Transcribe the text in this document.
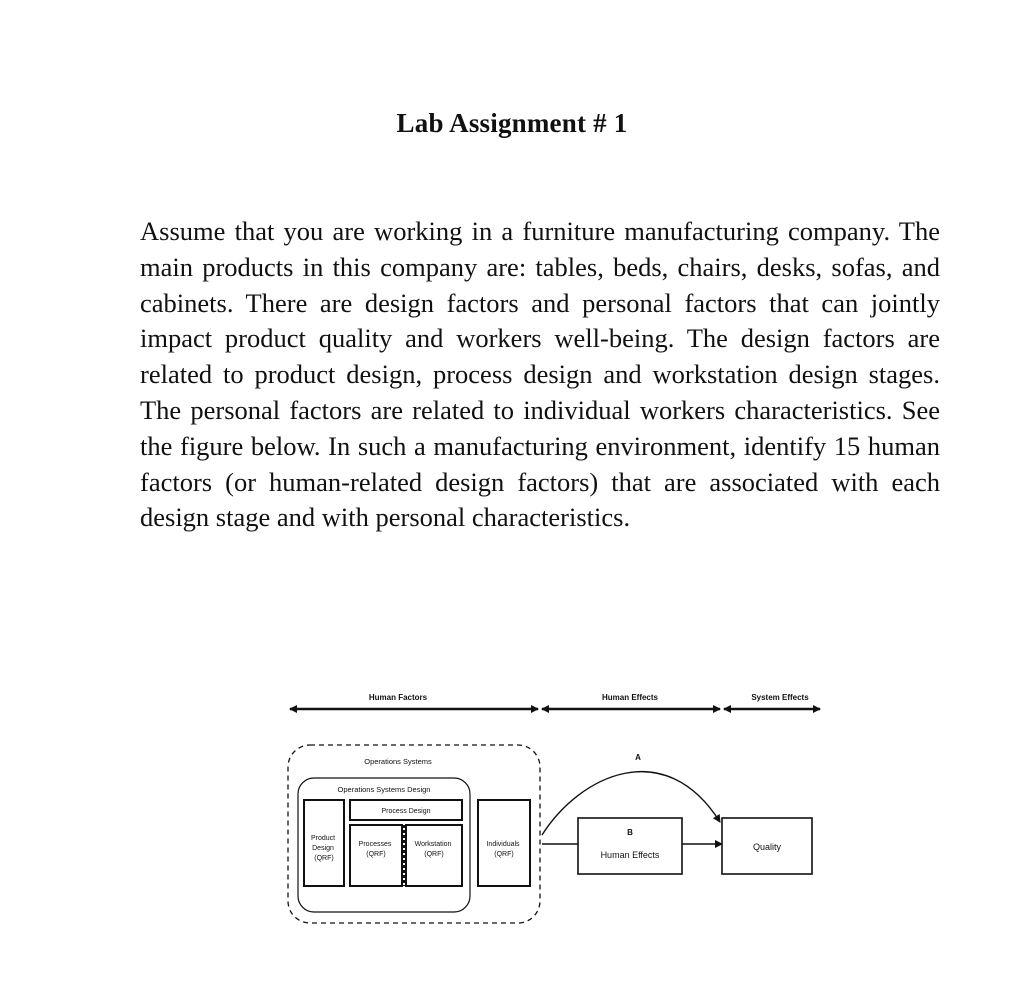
Lab Assignment # 1
Assume that you are working in a furniture manufacturing company. The main products in this company are: tables, beds, chairs, desks, sofas, and cabinets. There are design factors and personal factors that can jointly impact product quality and workers well-being. The design factors are related to product design, process design and workstation design stages. The personal factors are related to individual workers characteristics. See the figure below. In such a manufacturing environment, identify 15 human factors (or human-related design factors) that are associated with each design stage and with personal characteristics.
Human Factors	Human Effects	System Effects
Operations Systems
Operations Systems Design
Product Design (QRF)
Process Design
Processes (QRF)
Workstation (QRF)
Individuals (QRF)
A
B
Human Effects
Quality
